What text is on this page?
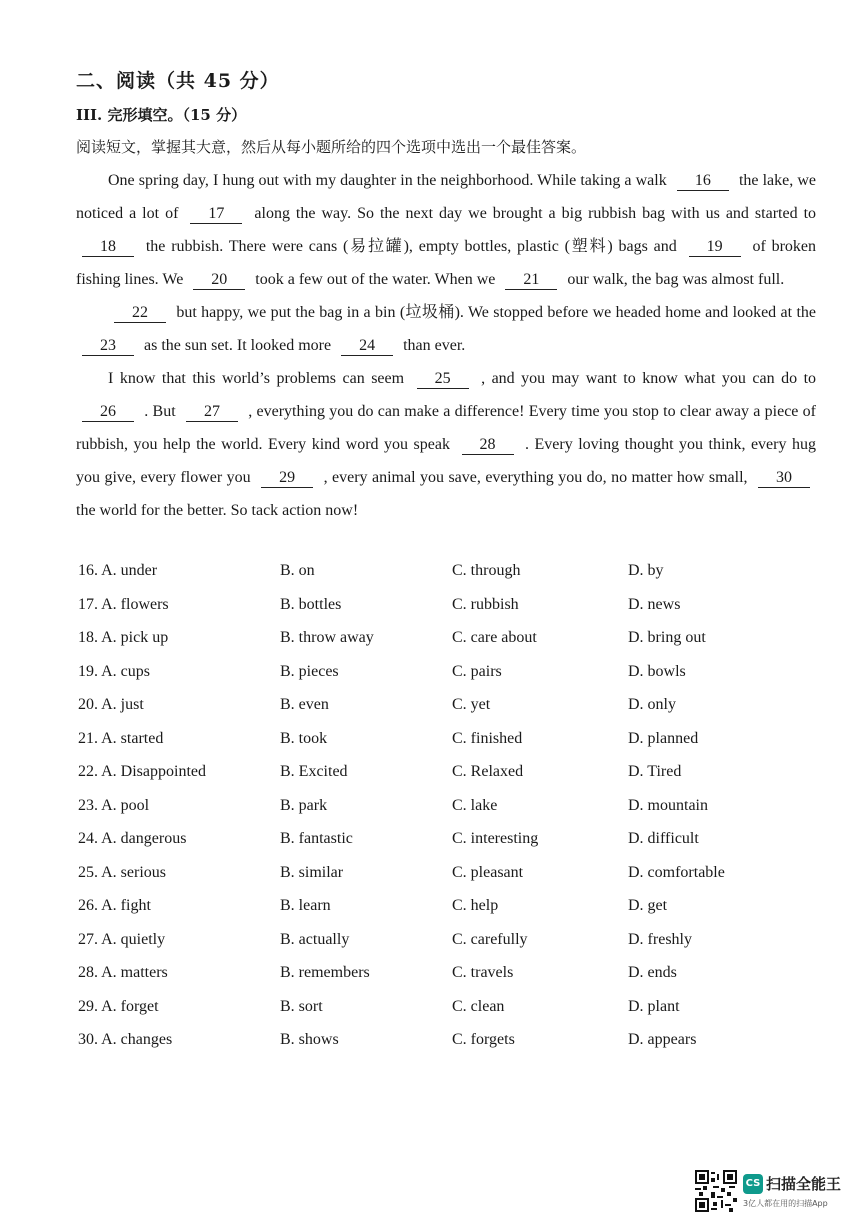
二、阅读（共 45 分）
III. 完形填空。（15 分）
阅读短文，掌握其大意，然后从每小题所给的四个选项中选出一个最佳答案。

One spring day, I hung out with my daughter in the neighborhood. While taking a walk 16 the lake, we noticed a lot of 17 along the way. So the next day we brought a big rubbish bag with us and started to 18 the rubbish. There were cans (易拉罐), empty bottles, plastic (塑料) bags and 19 of broken fishing lines. We 20 took a few out of the water. When we 21 our walk, the bag was almost full.

22 but happy, we put the bag in a bin (垃圾桶). We stopped before we headed home and looked at the 23 as the sun set. It looked more 24 than ever.

I know that this world’s problems can seem 25 , and you may want to know what you can do to 26 . But 27 , everything you do can make a difference! Every time you stop to clear away a piece of rubbish, you help the world. Every kind word you speak 28 . Every loving thought you think, every hug you give, every flower you 29 , every animal you save, everything you do, no matter how small, 30 the world for the better. So tack action now!

16. A. under	B. on	C. through	D. by
17. A. flowers	B. bottles	C. rubbish	D. news
18. A. pick up	B. throw away	C. care about	D. bring out
19. A. cups	B. pieces	C. pairs	D. bowls
20. A. just	B. even	C. yet	D. only
21. A. started	B. took	C. finished	D. planned
22. A. Disappointed	B. Excited	C. Relaxed	D. Tired
23. A. pool	B. park	C. lake	D. mountain
24. A. dangerous	B. fantastic	C. interesting	D. difficult
25. A. serious	B. similar	C. pleasant	D. comfortable
26. A. fight	B. learn	C. help	D. get
27. A. quietly	B. actually	C. carefully	D. freshly
28. A. matters	B. remembers	C. travels	D. ends
29. A. forget	B. sort	C. clean	D. plant
30. A. changes	B. shows	C. forgets	D. appears
CS 扫描全能王
3亿人都在用的扫描App
